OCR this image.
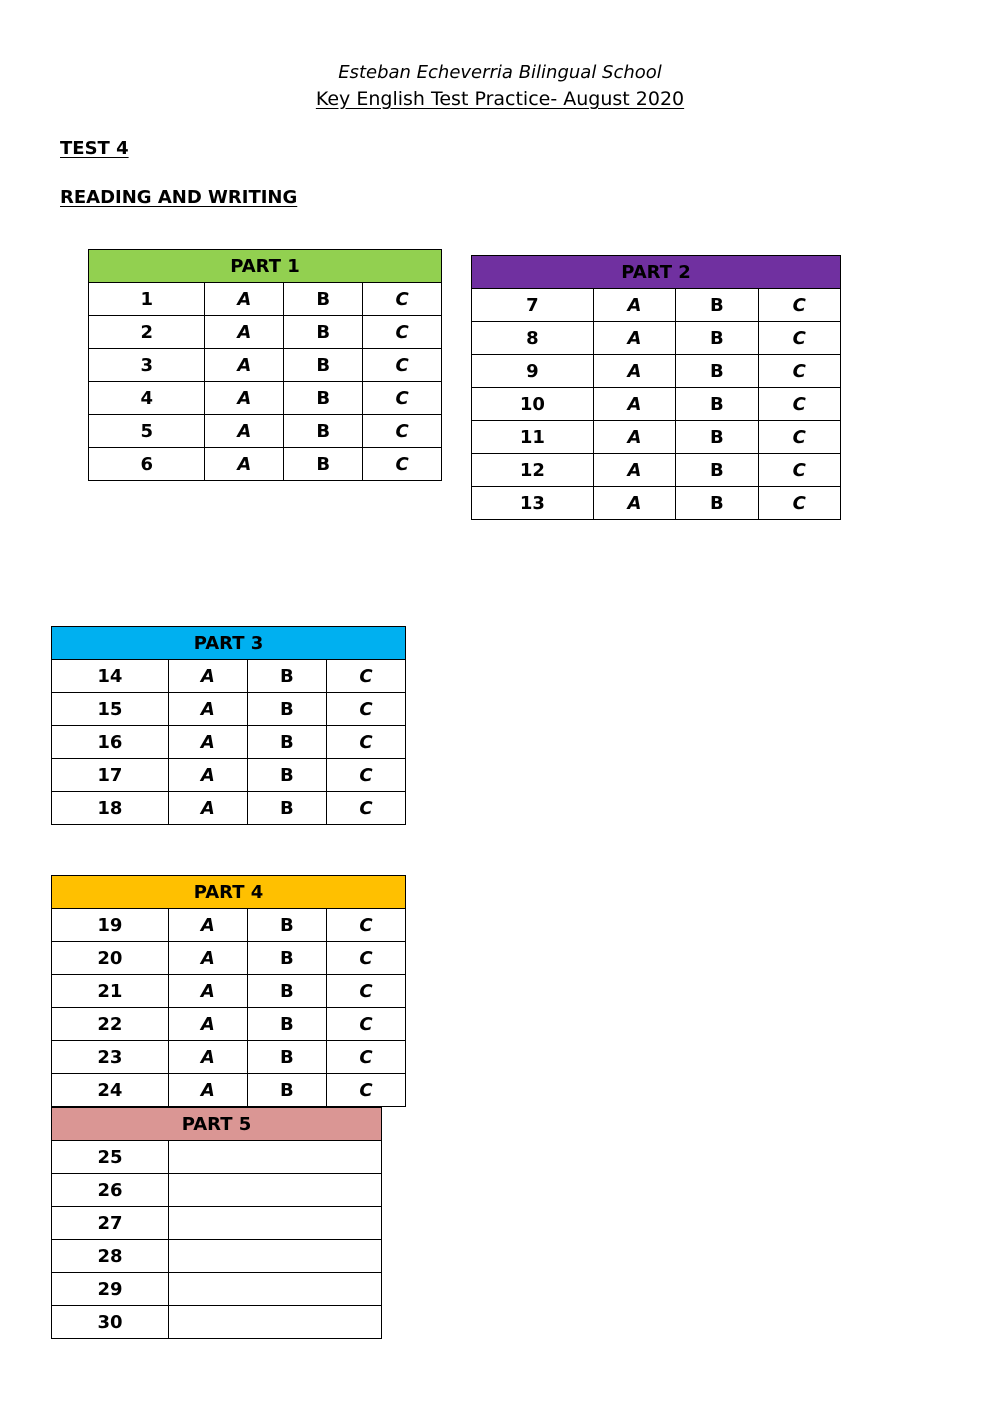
Esteban Echeverria Bilingual School
Key English Test Practice- August 2020
TEST 4
READING AND WRITING
PART 1			
1	A	B	C
2	A	B	C
3	A	B	C
4	A	B	C
5	A	B	C
6	A	B	C
PART 2			
7	A	B	C
8	A	B	C
9	A	B	C
10	A	B	C
11	A	B	C
12	A	B	C
13	A	B	C
PART 3			
14	A	B	C
15	A	B	C
16	A	B	C
17	A	B	C
18	A	B	C
PART 4			
19	A	B	C
20	A	B	C
21	A	B	C
22	A	B	C
23	A	B	C
24	A	B	C
PART 5	
25	
26	
27	
28	
29	
30	
